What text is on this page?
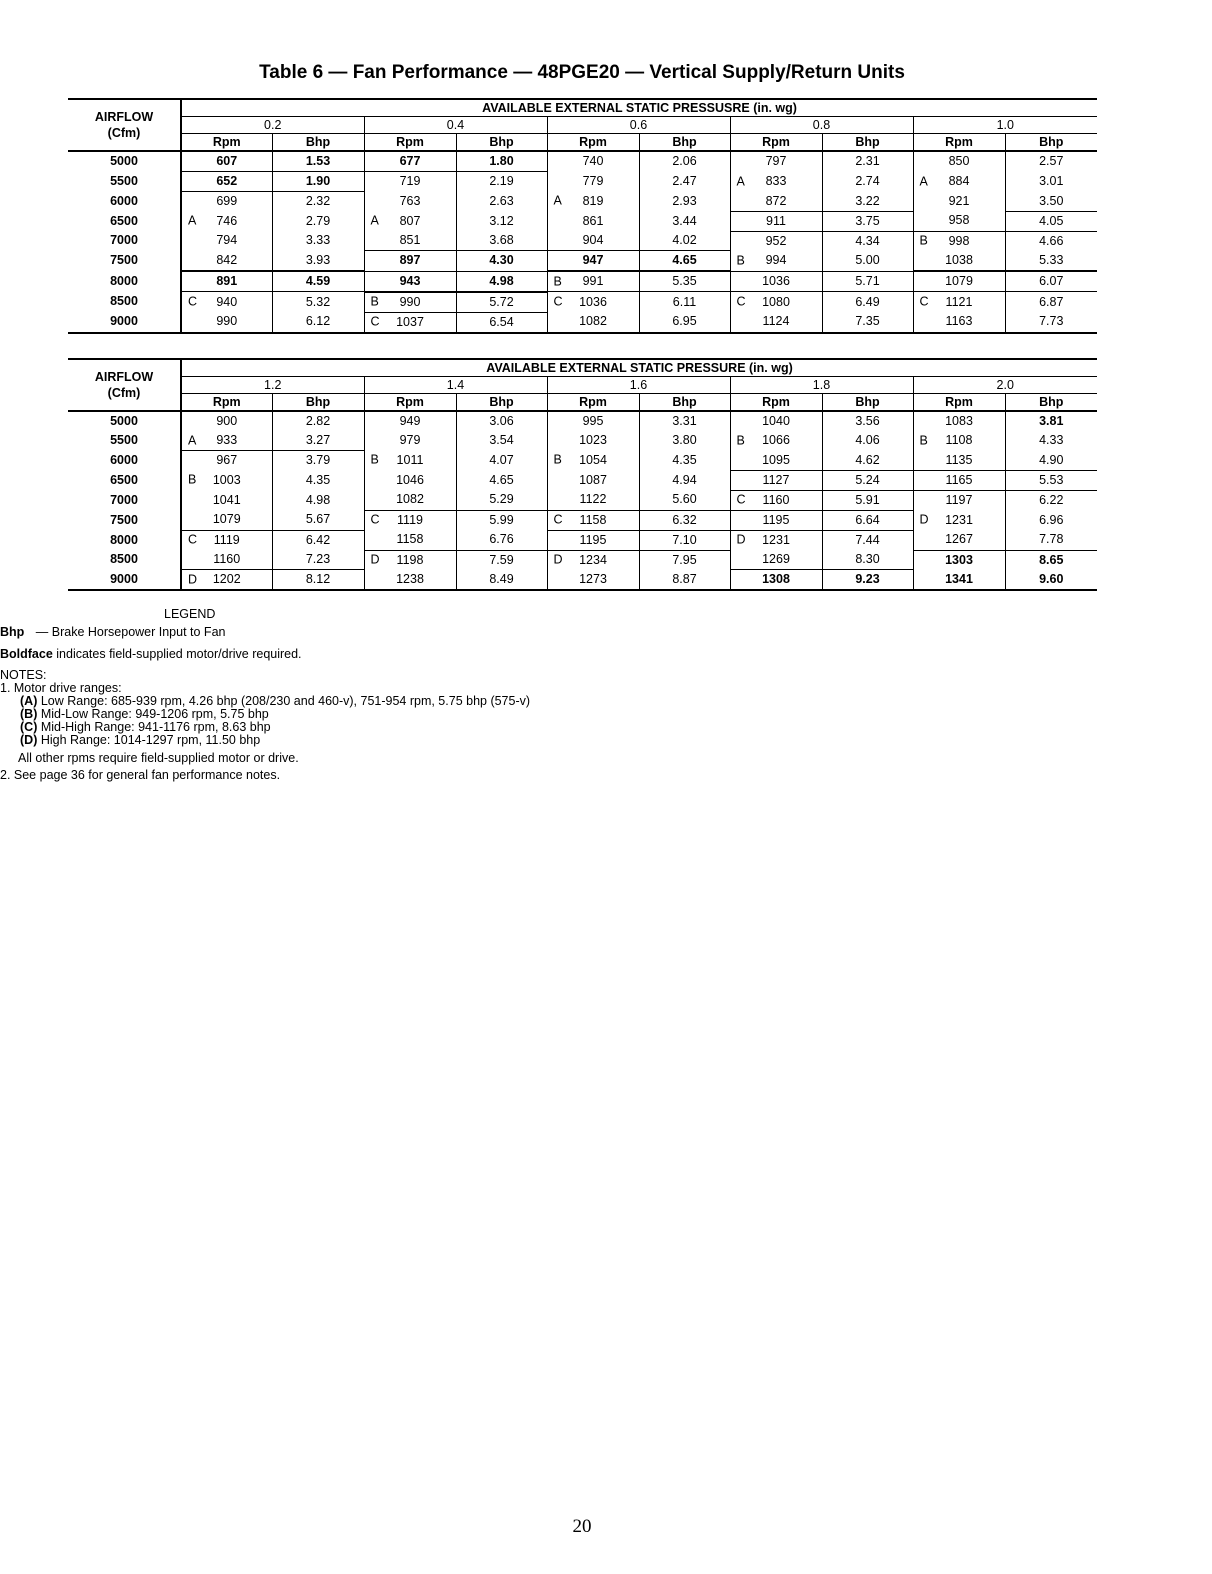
Table 6 — Fan Performance — 48PGE20 — Vertical Supply/Return Units
AIRFLOW
(Cfm)	AVAILABLE EXTERNAL STATIC PRESSUSRE (in. wg)									
	0.2		0.4		0.6		0.8		1.0	
	Rpm	Bhp	Rpm	Bhp	Rpm	Bhp	Rpm	Bhp	Rpm	Bhp
5000	607	1.53	677	1.80	740	2.06	797	2.31	850	2.57
5500	652	1.90	719	2.19	779	2.47	A 833	2.74	A 884	3.01
6000	699	2.32	763	2.63	A 819	2.93	872	3.22	921	3.50
6500	A 746	2.79	A 807	3.12	861	3.44	911	3.75	958	4.05
7000	794	3.33	851	3.68	904	4.02	952	4.34	B 998	4.66
7500	842	3.93	897	4.30	947	4.65	B 994	5.00	1038	5.33
8000	891	4.59	943	4.98	B 991	5.35	1036	5.71	1079	6.07
8500	C 940	5.32	B 990	5.72	C 1036	6.11	C 1080	6.49	C 1121	6.87
9000	990	6.12	C 1037	6.54	1082	6.95	1124	7.35	1163	7.73
AIRFLOW
(Cfm)	AVAILABLE EXTERNAL STATIC PRESSURE (in. wg)									
	1.2		1.4		1.6		1.8		2.0	
	Rpm	Bhp	Rpm	Bhp	Rpm	Bhp	Rpm	Bhp	Rpm	Bhp
5000	900	2.82	949	3.06	995	3.31	1040	3.56	1083	3.81
5500	A 933	3.27	979	3.54	1023	3.80	B 1066	4.06	B 1108	4.33
6000	967	3.79	B 1011	4.07	B 1054	4.35	1095	4.62	1135	4.90
6500	B 1003	4.35	1046	4.65	1087	4.94	1127	5.24	1165	5.53
7000	1041	4.98	1082	5.29	1122	5.60	C 1160	5.91	1197	6.22
7500	1079	5.67	C 1119	5.99	C 1158	6.32	1195	6.64	D 1231	6.96
8000	C 1119	6.42	1158	6.76	1195	7.10	D 1231	7.44	1267	7.78
8500	1160	7.23	D 1198	7.59	D 1234	7.95	1269	8.30	1303	8.65
9000	D 1202	8.12	1238	8.49	1273	8.87	1308	9.23	1341	9.60
LEGEND
Bhp — Brake Horsepower Input to Fan
Boldface indicates field-supplied motor/drive required.
NOTES:
1. Motor drive ranges:
(A) Low Range: 685-939 rpm, 4.26 bhp (208/230 and 460-v), 751-954 rpm, 5.75 bhp (575-v)
(B) Mid-Low Range: 949-1206 rpm, 5.75 bhp
(C) Mid-High Range: 941-1176 rpm, 8.63 bhp
(D) High Range: 1014-1297 rpm, 11.50 bhp
All other rpms require field-supplied motor or drive.
2. See page 36 for general fan performance notes.
20
